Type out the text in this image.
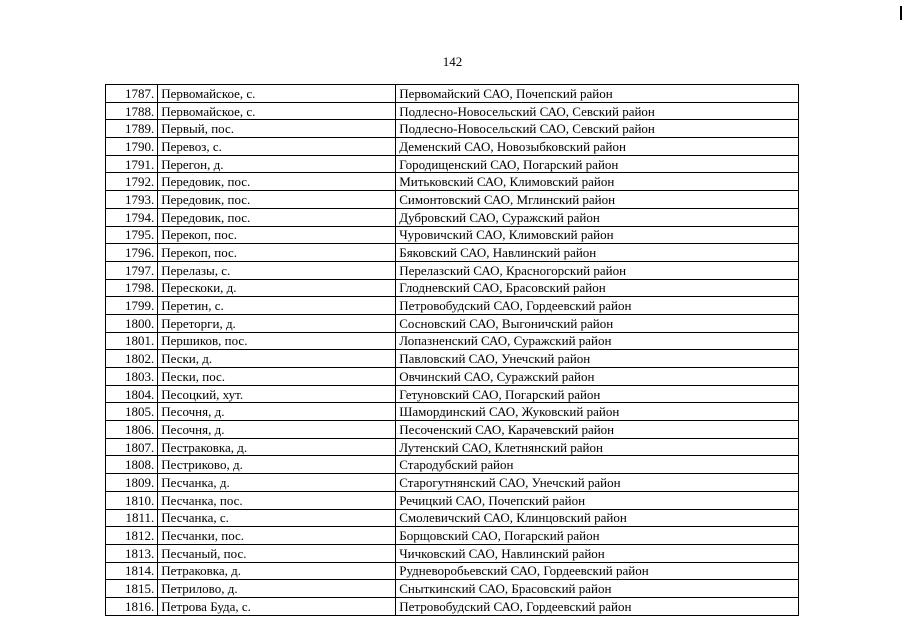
142
1787.	Первомайское, с.	Первомайский САО, Почепский район
1788.	Первомайское, с.	Подлесно-Новосельский САО, Севский район
1789.	Первый, пос.	Подлесно-Новосельский САО, Севский район
1790.	Перевоз, с.	Деменский САО, Новозыбковский район
1791.	Перегон, д.	Городищенский САО, Погарский район
1792.	Передовик, пос.	Митьковский САО, Климовский район
1793.	Передовик, пос.	Симонтовский САО, Мглинский район
1794.	Передовик, пос.	Дубровский САО, Суражский район
1795.	Перекоп, пос.	Чуровичский САО, Климовский район
1796.	Перекоп, пос.	Бяковский САО, Навлинский район
1797.	Перелазы, с.	Перелазский САО, Красногорский район
1798.	Перескоки, д.	Глодневский САО, Брасовский район
1799.	Перетин, с.	Петровобудский САО, Гордеевский район
1800.	Переторги, д.	Сосновский САО, Выгоничский район
1801.	Першиков, пос.	Лопазненский САО, Суражский район
1802.	Пески, д.	Павловский САО, Унечский район
1803.	Пески, пос.	Овчинский САО, Суражский район
1804.	Песоцкий, хут.	Гетуновский САО, Погарский район
1805.	Песочня, д.	Шамординский САО, Жуковский район
1806.	Песочня, д.	Песоченский САО, Карачевский район
1807.	Пестраковка, д.	Лутенский САО, Клетнянский район
1808.	Пестриково, д.	Стародубский район
1809.	Песчанка, д.	Старогутнянский САО, Унечский район
1810.	Песчанка, пос.	Речицкий САО, Почепский район
1811.	Песчанка, с.	Смолевичский САО, Клинцовский район
1812.	Песчанки, пос.	Борщовский САО, Погарский район
1813.	Песчаный, пос.	Чичковский САО, Навлинский район
1814.	Петраковка, д.	Рудневоробьевский САО, Гордеевский район
1815.	Петрилово, д.	Сныткинский САО, Брасовский район
1816.	Петрова Буда, с.	Петровобудский САО, Гордеевский район
